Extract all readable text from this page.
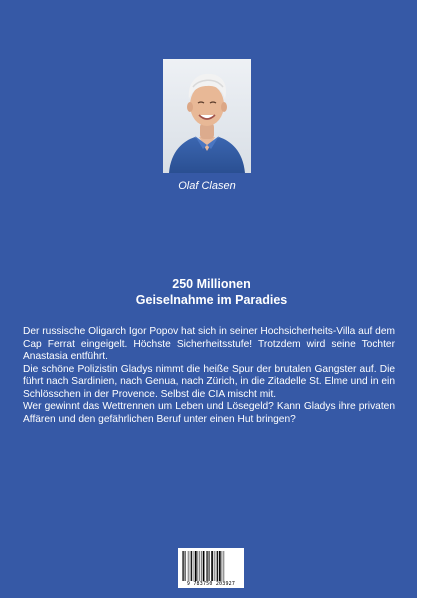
Olaf Clasen
250 Millionen
Geiselnahme im Paradies

Der russische Oligarch Igor Popov hat sich in seiner Hochsicherheits-Villa auf dem Cap Ferrat eingeigelt. Höchste Sicherheitsstufe! Trotzdem wird seine Tochter Anastasia entführt.

Die schöne Polizistin Gladys nimmt die heiße Spur der brutalen Gangster auf. Die führt nach Sardinien, nach Genua, nach Zürich, in die Zitadelle St. Elme und in ein Schlösschen in der Provence. Selbst die CIA mischt mit.

Wer gewinnt das Wettrennen um Leben und Lösegeld? Kann Gladys ihre privaten Affären und den gefährlichen Beruf unter einen Hut bringen?

9 783750 203927
